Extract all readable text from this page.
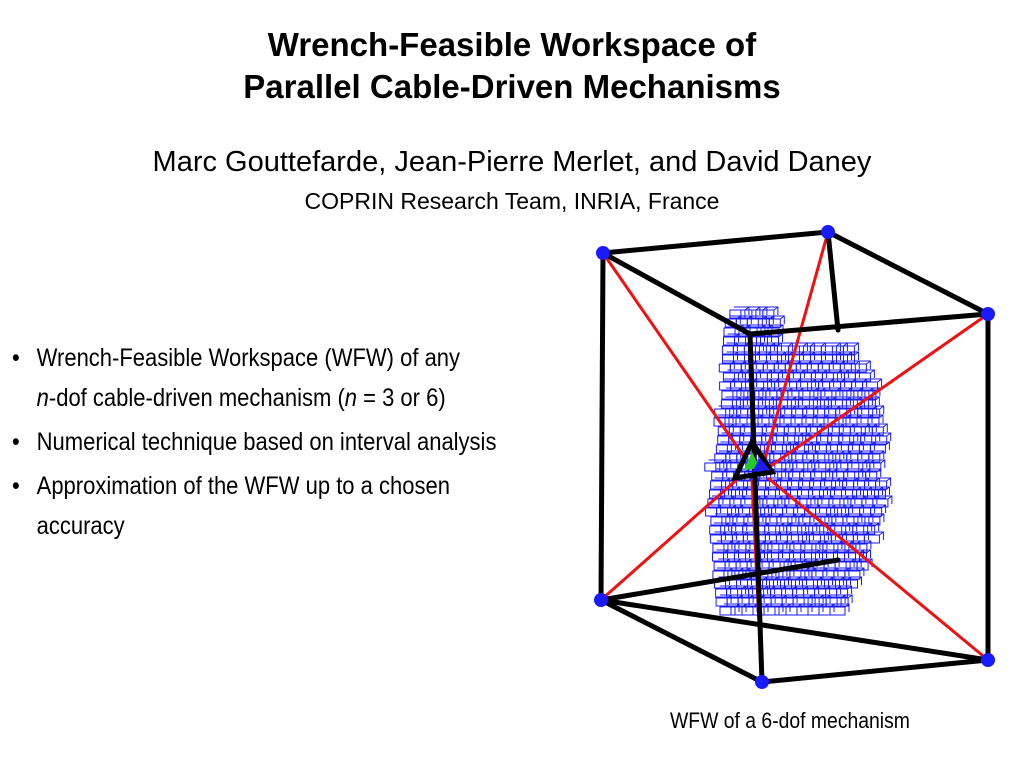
Wrench-Feasible Workspace of
Parallel Cable-Driven Mechanisms
Marc Gouttefarde, Jean-Pierre Merlet, and David Daney
COPRIN Research Team, INRIA, France
• Wrench-Feasible Workspace (WFW) of any
n-dof cable-driven mechanism (n = 3 or 6)
• Numerical technique based on interval analysis
• Approximation of the WFW up to a chosen accuracy
WFW of a 6-dof mechanism
